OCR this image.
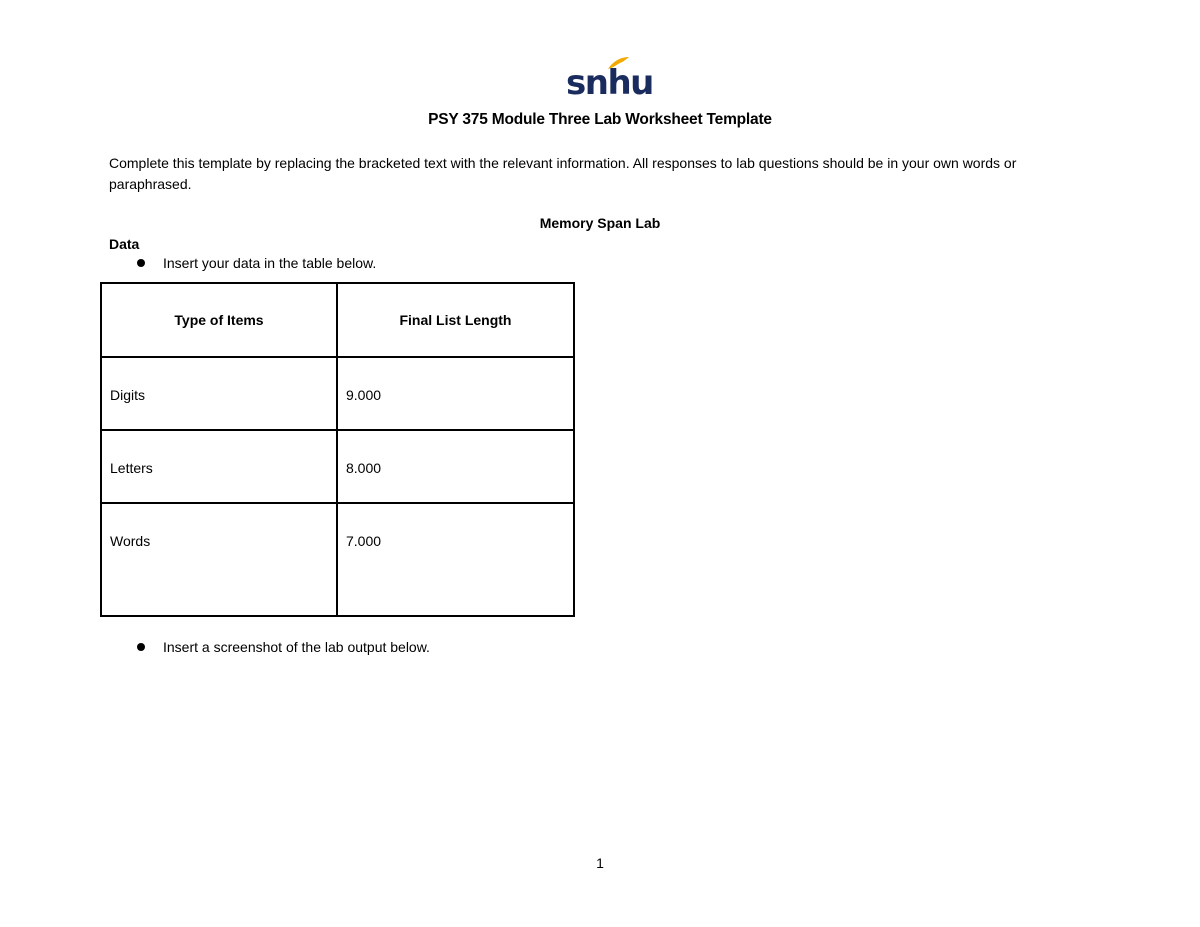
snhu
PSY 375 Module Three Lab Worksheet Template
Complete this template by replacing the bracketed text with the relevant information. All responses to lab questions should be in your own words or paraphrased.
Memory Span Lab
Data
Insert your data in the table below.
Type of Items	Final List Length
Digits	9.000
Letters	8.000
Words	7.000
Insert a screenshot of the lab output below.
1
